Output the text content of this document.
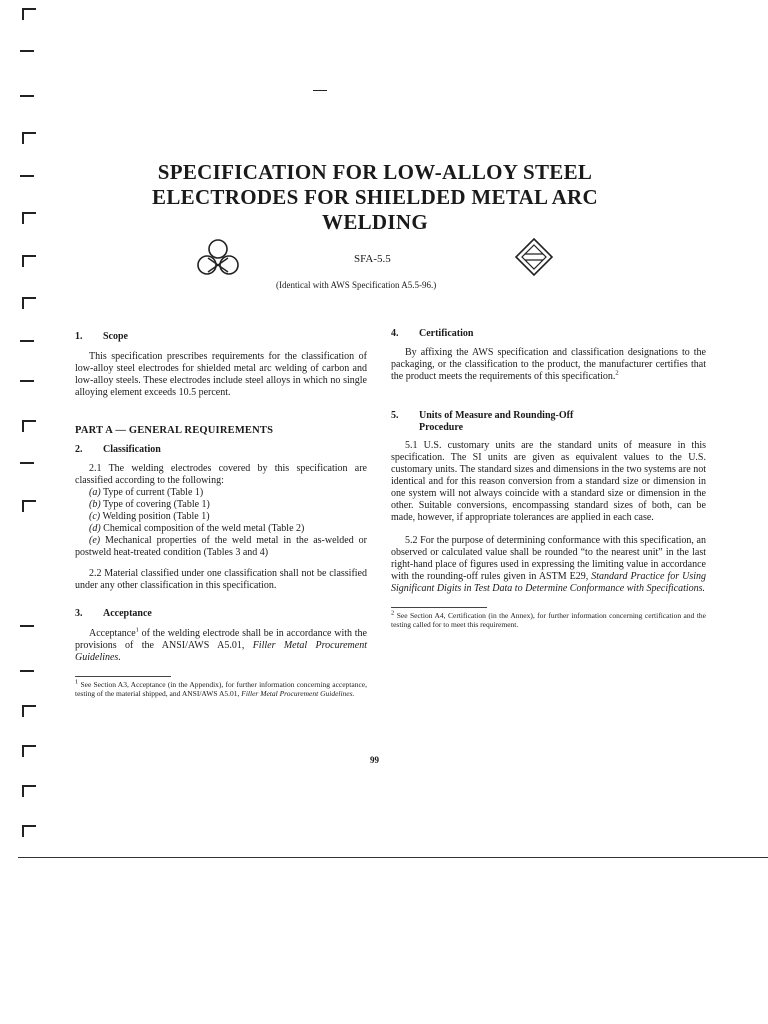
SPECIFICATION FOR LOW-ALLOY STEEL
ELECTRODES FOR SHIELDED METAL ARC
WELDING
SFA-5.5
(Identical with AWS Specification A5.5-96.)
1. Scope

This specification prescribes requirements for the classification of low-alloy steel electrodes for shielded metal arc welding of carbon and low-alloy steels. These electrodes include steel alloys in which no single alloying element exceeds 10.5 percent.

PART A — GENERAL REQUIREMENTS
2. Classification

2.1 The welding electrodes covered by this specification are classified according to the following:

(a) Type of current (Table 1)
(b) Type of covering (Table 1)
(c) Welding position (Table 1)
(d) Chemical composition of the weld metal (Table 2)

(e) Mechanical properties of the weld metal in the as-welded or postweld heat-treated condition (Tables 3 and 4)

2.2 Material classified under one classification shall not be classified under any other classification in this specification.

3. Acceptance

Acceptance$^1$ of the welding electrode shall be in accordance with the provisions of the ANSI/AWS A5.01, Filler Metal Procurement Guidelines.

$^1$ See Section A3, Acceptance (in the Appendix), for further information concerning acceptance, testing of the material shipped, and ANSI/AWS A5.01, Filler Metal Procurement Guidelines.

4. Certification

By affixing the AWS specification and classification designations to the packaging, or the classification to the product, the manufacturer certifies that the product meets the requirements of this specification.$^2$

5. Units of Measure and Rounding-Off
Procedure

5.1 U.S. customary units are the standard units of measure in this specification. The SI units are given as equivalent values to the U.S. customary units. The standard sizes and dimensions in the two systems are not identical and for this reason conversion from a standard size or dimension in one system will not always coincide with a standard size or dimension in the other. Suitable conversions, encompassing standard sizes of both, can be made, however, if appropriate tolerances are applied in each case.

5.2 For the purpose of determining conformance with this specification, an observed or calculated value shall be rounded “to the nearest unit” in the last right-hand place of figures used in expressing the limiting value in accordance with the rounding-off rules given in ASTM E29, Standard Practice for Using Significant Digits in Test Data to Determine Conformance with Specifications.

$^2$ See Section A4, Certification (in the Annex), for further information concerning certification and the testing called for to meet this requirement.

99
